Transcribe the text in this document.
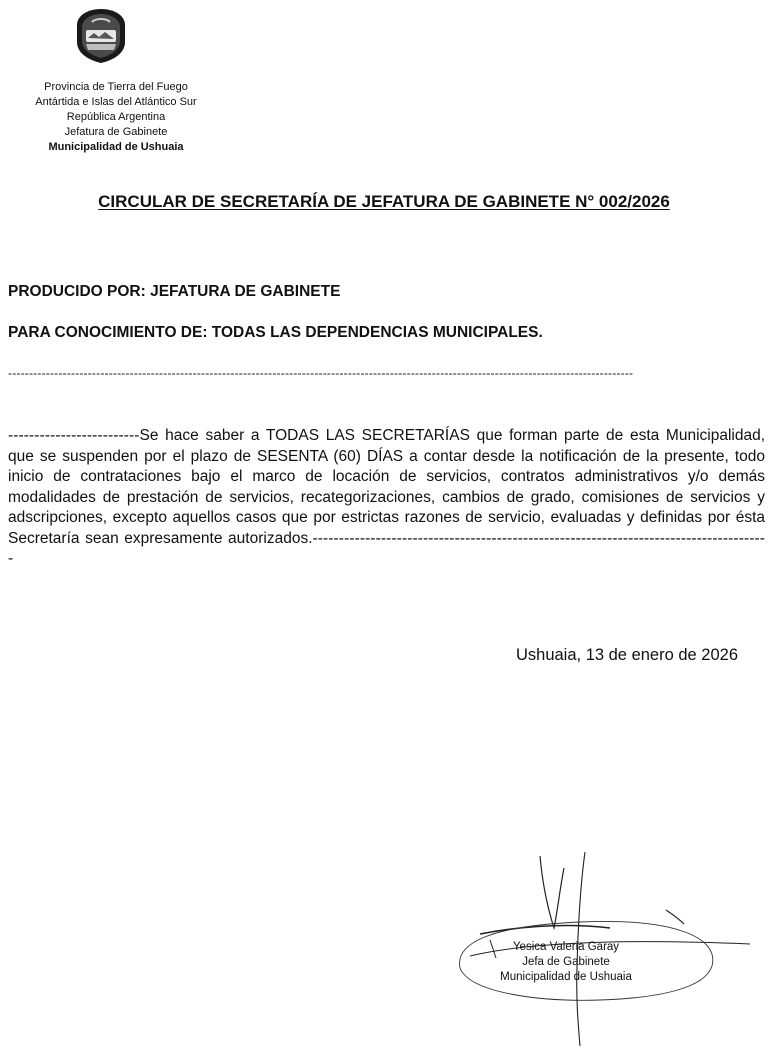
Provincia de Tierra del Fuego
Antártida e Islas del Atlántico Sur
República Argentina
Jefatura de Gabinete
Municipalidad de Ushuaia
CIRCULAR DE SECRETARÍA DE JEFATURA DE GABINETE N° 002/2026
PRODUCIDO POR: JEFATURA DE GABINETE
PARA CONOCIMIENTO DE: TODAS LAS DEPENDENCIAS MUNICIPALES.
-----------------------------------------------------------------------------------------------------------------------------------------------------
-------------------------Se hace saber a TODAS LAS SECRETARÍAS que forman parte de esta Municipalidad, que se suspenden por el plazo de SESENTA (60) DÍAS a contar desde la notificación de la presente, todo inicio de contrataciones bajo el marco de locación de servicios, contratos administrativos y/o demás modalidades de prestación de servicios, recategorizaciones, cambios de grado, comisiones de servicios y adscripciones, excepto aquellos casos que por estrictas razones de servicio, evaluadas y definidas por ésta Secretaría sean expresamente autorizados.---------------------------------------------------------------------------------------
Ushuaia, 13 de enero de 2026
Yesica Valeria Garay
Jefa de Gabinete
Municipalidad de Ushuaia
